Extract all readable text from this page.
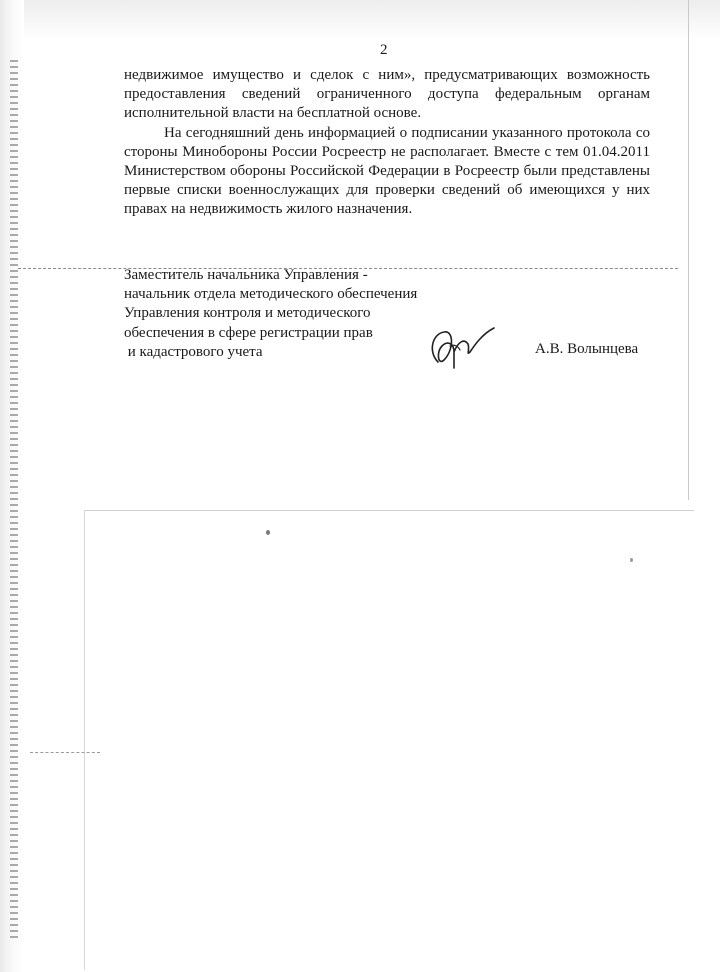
2

недвижимое имущество и сделок с ним», предусматривающих возможность предоставления сведений ограниченного доступа федеральным органам исполнительной власти на бесплатной основе.

На сегодняшний день информацией о подписании указанного протокола со стороны Минобороны России Росреестр не располагает. Вместе с тем 01.04.2011 Министерством обороны Российской Федерации в Росреестр были представлены первые списки военнослужащих для проверки сведений об имеющихся у них правах на недвижимость жилого назначения.

Заместитель начальника Управления -
начальник отдела методического обеспечения
Управления контроля и методического
обеспечения в сфере регистрации прав
и кадастрового учета	А.В. Волынцева
